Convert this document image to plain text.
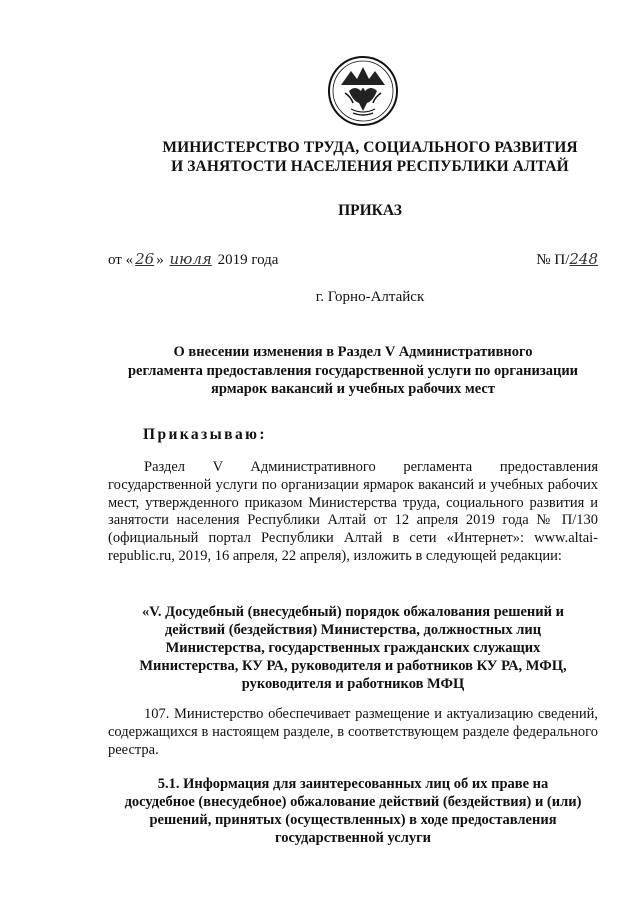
МИНИСТЕРСТВО ТРУДА, СОЦИАЛЬНОГО РАЗВИТИЯ
И ЗАНЯТОСТИ НАСЕЛЕНИЯ РЕСПУБЛИКИ АЛТАЙ
ПРИКАЗ
от « 26 » июля 2019 года	№ П/248
г. Горно-Алтайск
О внесении изменения в Раздел V Административного
регламента предоставления государственной услуги по организации
ярмарок вакансий и учебных рабочих мест
Приказываю:

Раздел V Административного регламента предоставления государственной услуги по организации ярмарок вакансий и учебных рабочих мест, утвержденного приказом Министерства труда, социального развития и занятости населения Республики Алтай от 12 апреля 2019 года № П/130 (официальный портал Республики Алтай в сети «Интернет»: www.altai-republic.ru, 2019, 16 апреля, 22 апреля), изложить в следующей редакции:

«V. Досудебный (внесудебный) порядок обжалования решений и
действий (бездействия) Министерства, должностных лиц
Министерства, государственных гражданских служащих
Министерства, КУ РА, руководителя и работников КУ РА, МФЦ,
руководителя и работников МФЦ

107. Министерство обеспечивает размещение и актуализацию сведений, содержащихся в настоящем разделе, в соответствующем разделе федерального реестра.

5.1. Информация для заинтересованных лиц об их праве на
досудебное (внесудебное) обжалование действий (бездействия) и (или)
решений, принятых (осуществленных) в ходе предоставления
государственной услуги
